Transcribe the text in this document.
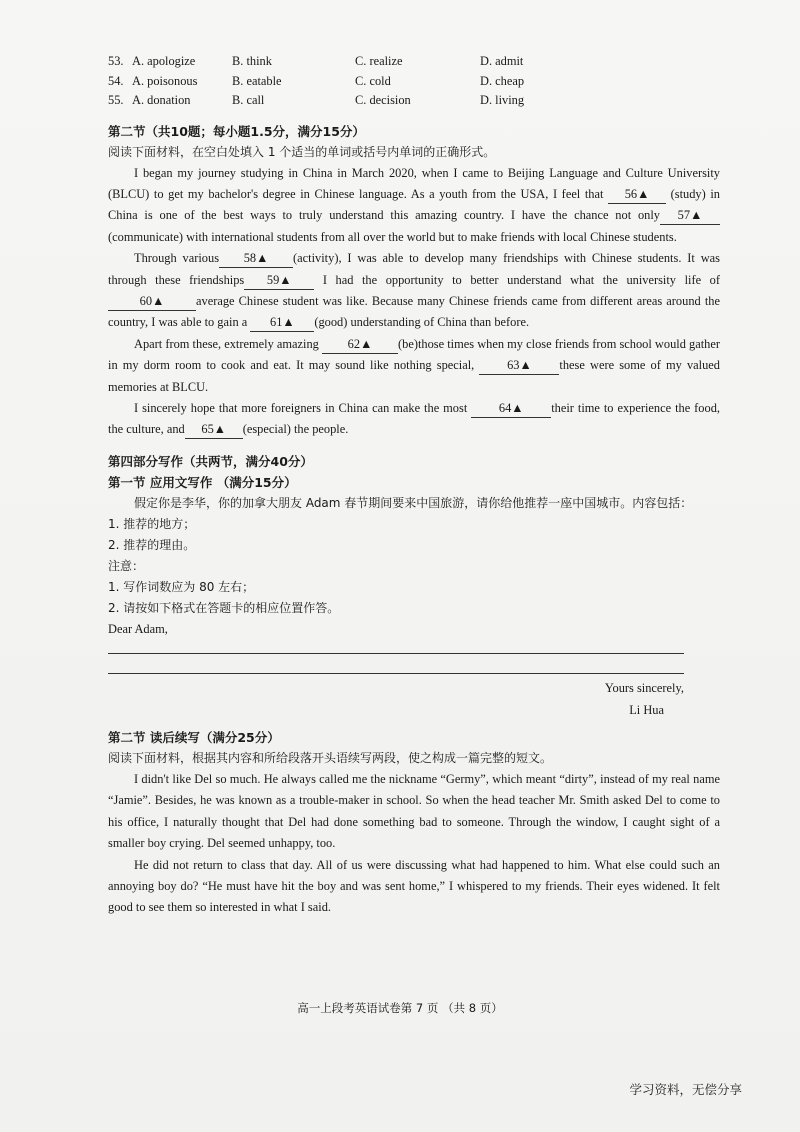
53. A. apologize	B. think	C. realize	D. admit
54. A. poisonous	B. eatable	C. cold	D. cheap
55. A. donation	B. call	C. decision	D. living
第二节（共10题；每小题1.5分，满分15分）
阅读下面材料，在空白处填入 1 个适当的单词或括号内单词的正确形式。

I began my journey studying in China in March 2020, when I came to Beijing Language and Culture University (BLCU) to get my bachelor's degree in Chinese language. As a youth from the USA, I feel that 56▲ (study) in China is one of the best ways to truly understand this amazing country. I have the chance not only 57▲(communicate) with international students from all over the world but to make friends with local Chinese students.

Through various 58▲ (activity), I was able to develop many friendships with Chinese students. It was through these friendships 59▲ I had the opportunity to better understand what the university life of 60▲	average Chinese student was like. Because many Chinese friends came from different areas around the country, I was able to gain a 61▲ (good) understanding of China than before.

Apart from these, extremely amazing 62▲ (be)those times when my close friends from school would gather in my dorm room to cook and eat. It may sound like nothing special, 63▲ these were some of my valued memories at BLCU.

I sincerely hope that more foreigners in China can make the most 64▲ their time to experience the food, the culture, and 65▲ (especial) the people.

第四部分写作（共两节，满分40分）
第一节 应用文写作 （满分15分）
假定你是李华，你的加拿大朋友 Adam 春节期间要来中国旅游，请你给他推荐一座中国城市。内容包括：
1. 推荐的地方；
2. 推荐的理由。
注意：
1. 写作词数应为 80 左右；
2. 请按如下格式在答题卡的相应位置作答。
Dear Adam,
Yours sincerely,
Li Hua
第二节 读后续写（满分25分）
阅读下面材料，根据其内容和所给段落开头语续写两段，使之构成一篇完整的短文。

I didn't like Del so much. He always called me the nickname “Germy”, which meant “dirty”, instead of my real name “Jamie”. Besides, he was known as a trouble-maker in school. So when the head teacher Mr. Smith asked Del to come to his office, I naturally thought that Del had done something bad to someone. Through the window, I caught sight of a smaller boy crying. Del seemed unhappy, too.

He did not return to class that day. All of us were discussing what had happened to him. What else could such an annoying boy do? “He must have hit the boy and was sent home,” I whispered to my friends. Their eyes widened. It felt good to see them so interested in what I said.

高一上段考英语试卷第 7 页 （共 8 页）
学习资料，无偿分享
